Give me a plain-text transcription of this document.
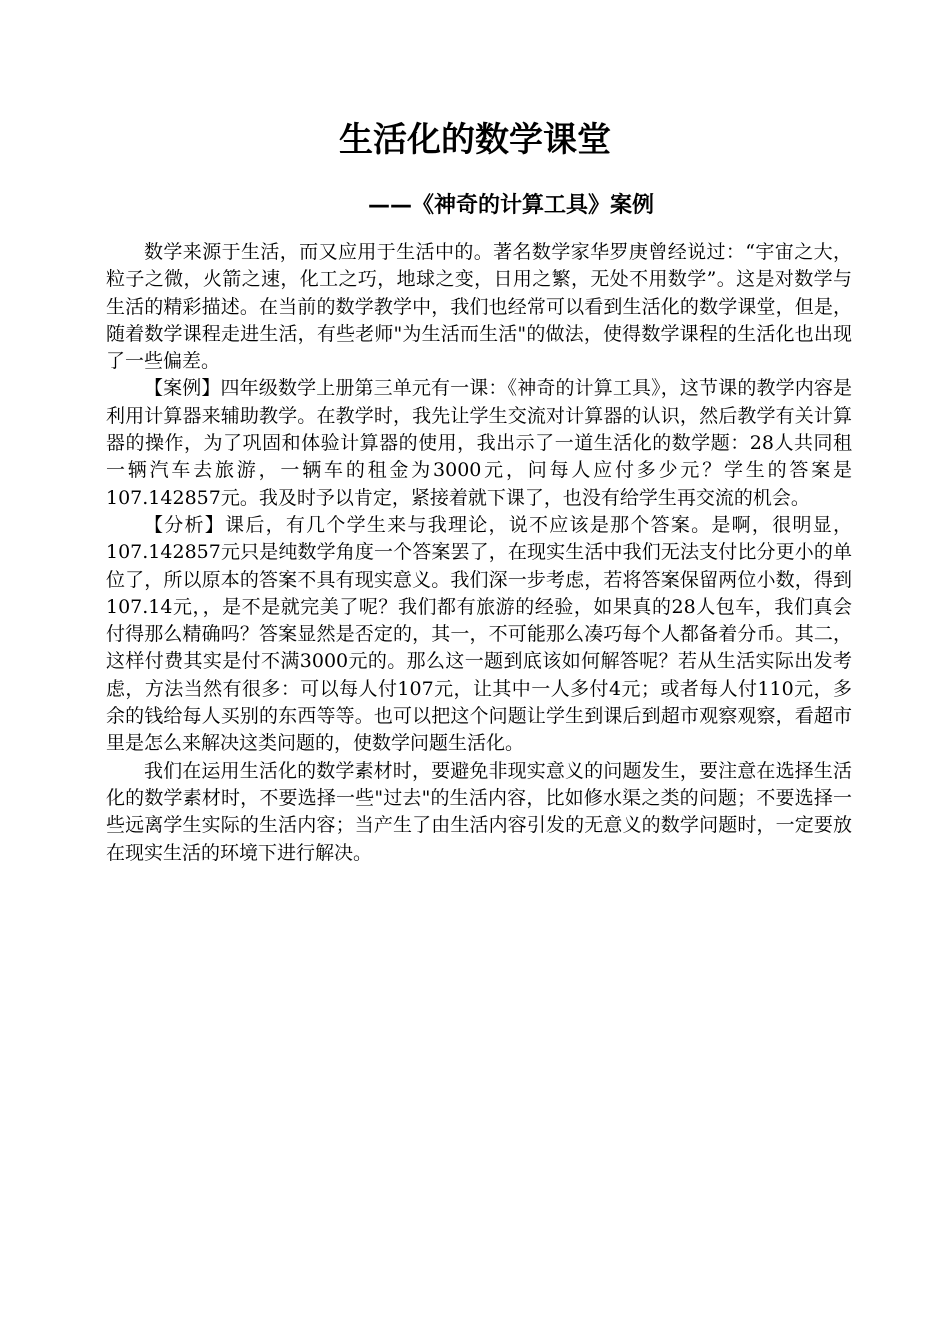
生活化的数学课堂
——《神奇的计算工具》案例

数学来源于生活，而又应用于生活中的。著名数学家华罗庚曾经说过：“宇宙之大，粒子之微，火箭之速，化工之巧，地球之变，日用之繁，无处不用数学”。这是对数学与生活的精彩描述。在当前的数学教学中，我们也经常可以看到生活化的数学课堂，但是，随着数学课程走进生活，有些老师"为生活而生活"的做法，使得数学课程的生活化也出现了一些偏差。

【案例】四年级数学上册第三单元有一课：《神奇的计算工具》，这节课的教学内容是利用计算器来辅助教学。在教学时，我先让学生交流对计算器的认识，然后教学有关计算器的操作，为了巩固和体验计算器的使用，我出示了一道生活化的数学题：28人共同租一辆汽车去旅游，一辆车的租金为3000元，问每人应付多少元？学生的答案是107.142857元。我及时予以肯定，紧接着就下课了，也没有给学生再交流的机会。

【分析】课后，有几个学生来与我理论，说不应该是那个答案。是啊，很明显，107.142857元只是纯数学角度一个答案罢了，在现实生活中我们无法支付比分更小的单位了，所以原本的答案不具有现实意义。我们深一步考虑，若将答案保留两位小数，得到107.14元，，是不是就完美了呢？我们都有旅游的经验，如果真的28人包车，我们真会付得那么精确吗？答案显然是否定的，其一，不可能那么凑巧每个人都备着分币。其二，这样付费其实是付不满3000元的。那么这一题到底该如何解答呢？若从生活实际出发考虑，方法当然有很多：可以每人付107元，让其中一人多付4元；或者每人付110元，多余的钱给每人买别的东西等等。也可以把这个问题让学生到课后到超市观察观察，看超市里是怎么来解决这类问题的，使数学问题生活化。

我们在运用生活化的数学素材时，要避免非现实意义的问题发生，要注意在选择生活化的数学素材时，不要选择一些"过去"的生活内容，比如修水渠之类的问题；不要选择一些远离学生实际的生活内容；当产生了由生活内容引发的无意义的数学问题时，一定要放在现实生活的环境下进行解决。
